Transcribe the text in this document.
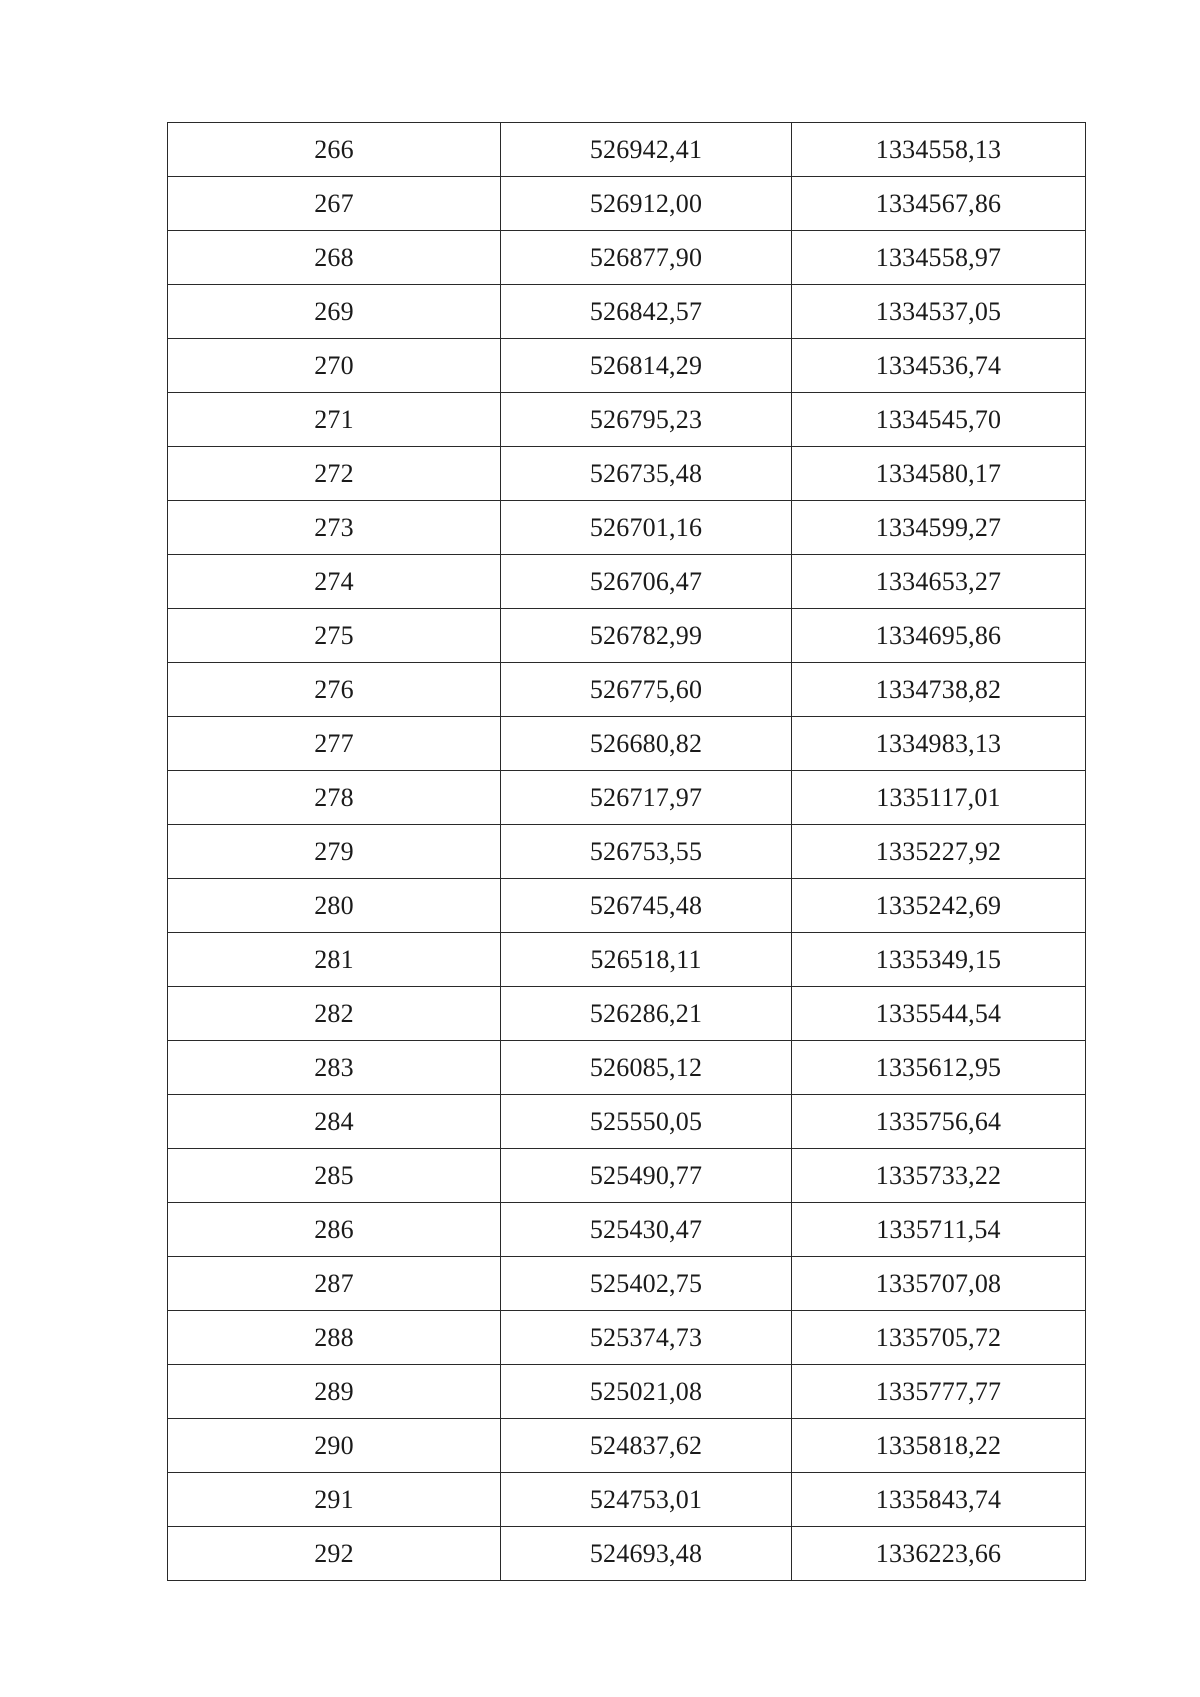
266	526942,41	1334558,13
267	526912,00	1334567,86
268	526877,90	1334558,97
269	526842,57	1334537,05
270	526814,29	1334536,74
271	526795,23	1334545,70
272	526735,48	1334580,17
273	526701,16	1334599,27
274	526706,47	1334653,27
275	526782,99	1334695,86
276	526775,60	1334738,82
277	526680,82	1334983,13
278	526717,97	1335117,01
279	526753,55	1335227,92
280	526745,48	1335242,69
281	526518,11	1335349,15
282	526286,21	1335544,54
283	526085,12	1335612,95
284	525550,05	1335756,64
285	525490,77	1335733,22
286	525430,47	1335711,54
287	525402,75	1335707,08
288	525374,73	1335705,72
289	525021,08	1335777,77
290	524837,62	1335818,22
291	524753,01	1335843,74
292	524693,48	1336223,66
